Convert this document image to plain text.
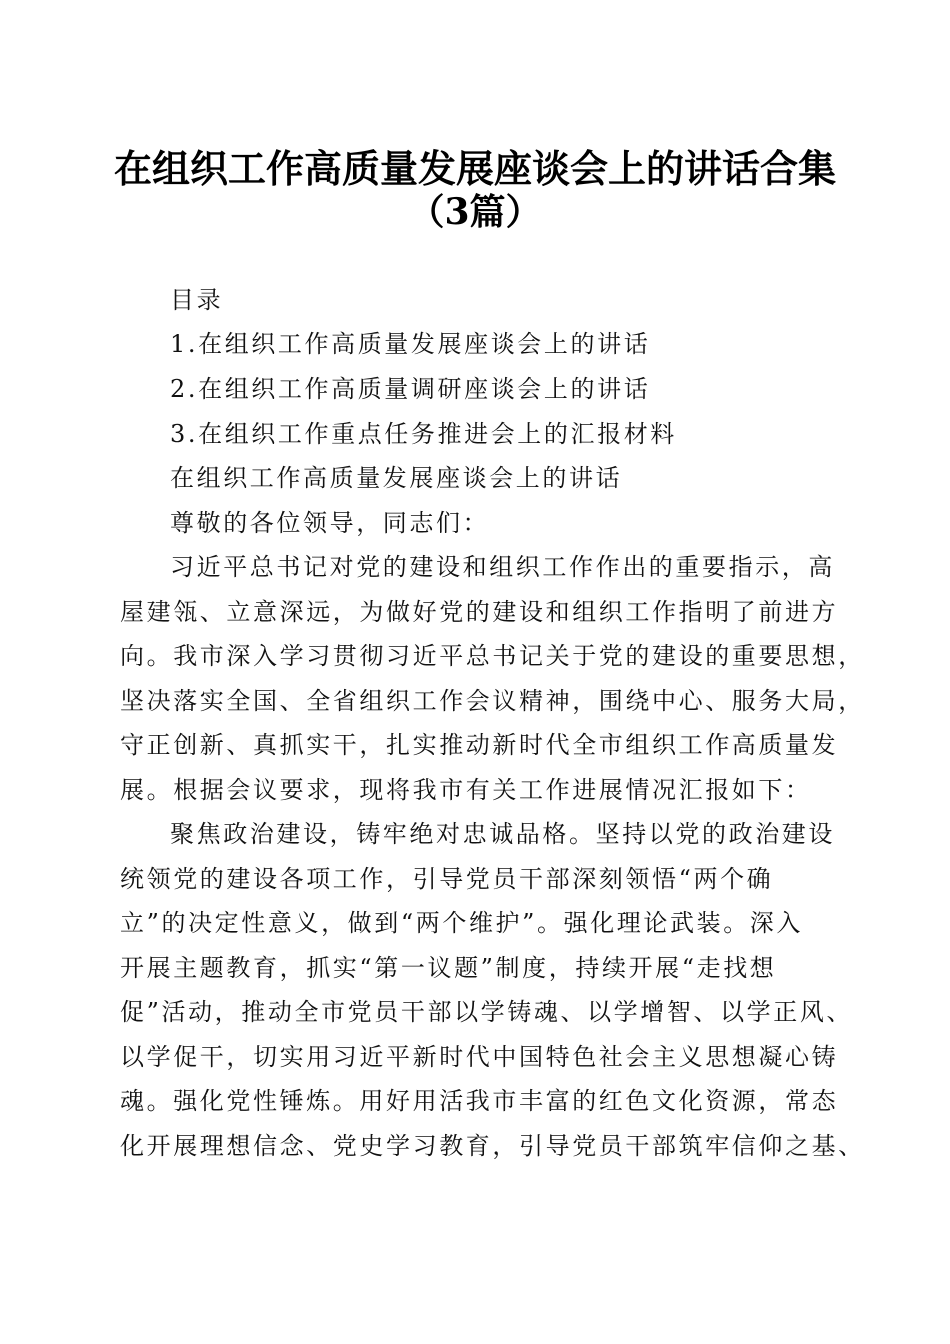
在组织工作高质量发展座谈会上的讲话合集
（3篇）
目录
1.在组织工作高质量发展座谈会上的讲话
2.在组织工作高质量调研座谈会上的讲话
3.在组织工作重点任务推进会上的汇报材料
在组织工作高质量发展座谈会上的讲话
尊敬的各位领导，同志们：
习近平总书记对党的建设和组织工作作出的重要指示，高
屋建瓴、立意深远，为做好党的建设和组织工作指明了前进方
向。我市深入学习贯彻习近平总书记关于党的建设的重要思想，
坚决落实全国、全省组织工作会议精神，围绕中心、服务大局，
守正创新、真抓实干，扎实推动新时代全市组织工作高质量发
展。根据会议要求，现将我市有关工作进展情况汇报如下：
聚焦政治建设，铸牢绝对忠诚品格。坚持以党的政治建设
统领党的建设各项工作，引导党员干部深刻领悟“两个确
立”的决定性意义，做到“两个维护”。强化理论武装。深入
开展主题教育，抓实“第一议题”制度，持续开展“走找想
促”活动，推动全市党员干部以学铸魂、以学增智、以学正风、
以学促干，切实用习近平新时代中国特色社会主义思想凝心铸
魂。强化党性锤炼。用好用活我市丰富的红色文化资源，常态
化开展理想信念、党史学习教育，引导党员干部筑牢信仰之基、
